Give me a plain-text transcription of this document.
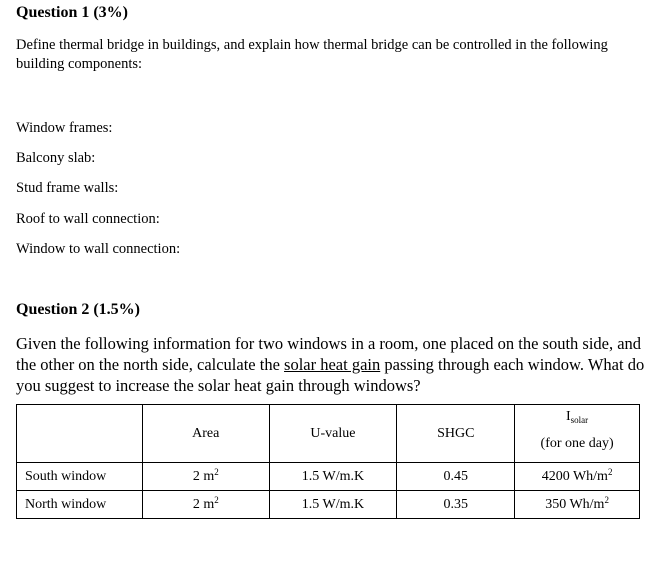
Question 1 (3%)

Define thermal bridge in buildings, and explain how thermal bridge can be controlled in the following building components:

Window frames:

Balcony slab:

Stud frame walls:

Roof to wall connection:

Window to wall connection:

Question 2 (1.5%)

Given the following information for two windows in a room, one placed on the south side, and the other on the north side, calculate the solar heat gain passing through each window. What do you suggest to increase the solar heat gain through windows?

	Area	U-value	SHGC	$I_{solar}$
(for one day)

South window	2 $m^2$	1.5 W/m.K	0.45	4200 $Wh/m^2$
North window	2 $m^2$	1.5 W/m.K	0.35	350 $Wh/m^2$
